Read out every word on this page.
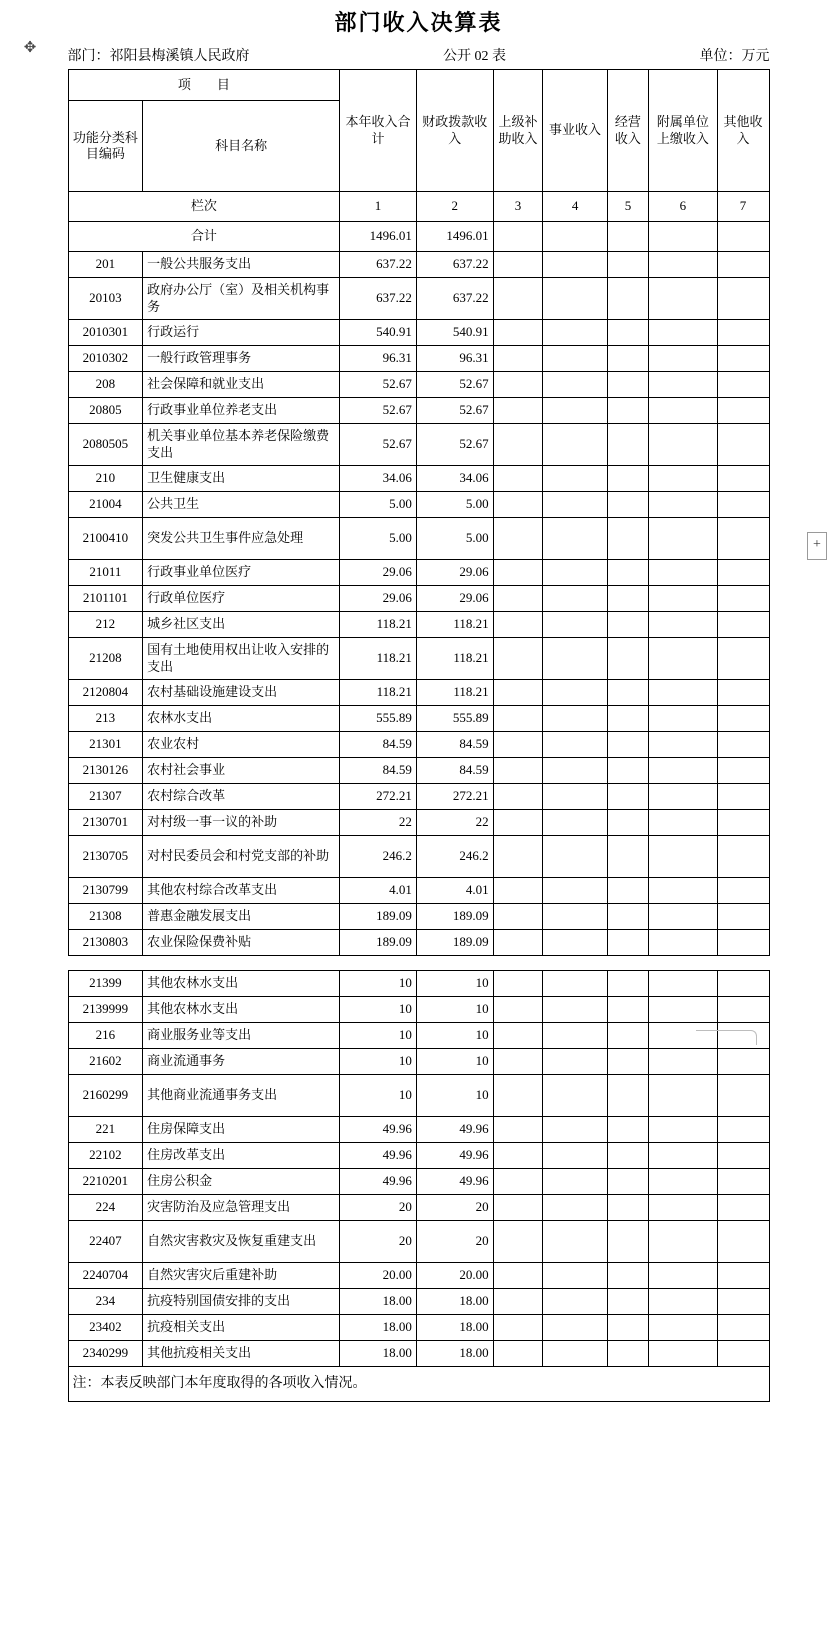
✥
+
部门收入决算表
部门：祁阳县梅溪镇人民政府	公开 02 表	单位：万元
项　　目		本年收入合计	财政拨款收入	上级补助收入	事业收入	经营收入	附属单位上缴收入	其他收入
功能分类科目编码	科目名称							
栏次		1	2	3	4	5	6	7
合计		1496.01	1496.01					
201	一般公共服务支出	637.22	637.22					
20103	政府办公厅（室）及相关机构事务	637.22	637.22					
2010301	行政运行	540.91	540.91					
2010302	一般行政管理事务	96.31	96.31					
208	社会保障和就业支出	52.67	52.67					
20805	行政事业单位养老支出	52.67	52.67					
2080505	机关事业单位基本养老保险缴费支出	52.67	52.67					
210	卫生健康支出	34.06	34.06					
21004	公共卫生	5.00	5.00					
2100410	突发公共卫生事件应急处理	5.00	5.00					
21011	行政事业单位医疗	29.06	29.06					
2101101	行政单位医疗	29.06	29.06					
212	城乡社区支出	118.21	118.21					
21208	国有土地使用权出让收入安排的支出	118.21	118.21					
2120804	农村基础设施建设支出	118.21	118.21					
213	农林水支出	555.89	555.89					
21301	农业农村	84.59	84.59					
2130126	农村社会事业	84.59	84.59					
21307	农村综合改革	272.21	272.21					
2130701	对村级一事一议的补助	22	22					
2130705	对村民委员会和村党支部的补助	246.2	246.2					
2130799	其他农村综合改革支出	4.01	4.01					
21308	普惠金融发展支出	189.09	189.09					
2130803	农业保险保费补贴	189.09	189.09					
21399	其他农林水支出	10	10					
2139999	其他农林水支出	10	10					
216	商业服务业等支出	10	10					
21602	商业流通事务	10	10					
2160299	其他商业流通事务支出	10	10					
221	住房保障支出	49.96	49.96					
22102	住房改革支出	49.96	49.96					
2210201	住房公积金	49.96	49.96					
224	灾害防治及应急管理支出	20	20					
22407	自然灾害救灾及恢复重建支出	20	20					
2240704	自然灾害灾后重建补助	20.00	20.00					
234	抗疫特别国债安排的支出	18.00	18.00					
23402	抗疫相关支出	18.00	18.00					
2340299	其他抗疫相关支出	18.00	18.00					
注：本表反映部门本年度取得的各项收入情况。								
